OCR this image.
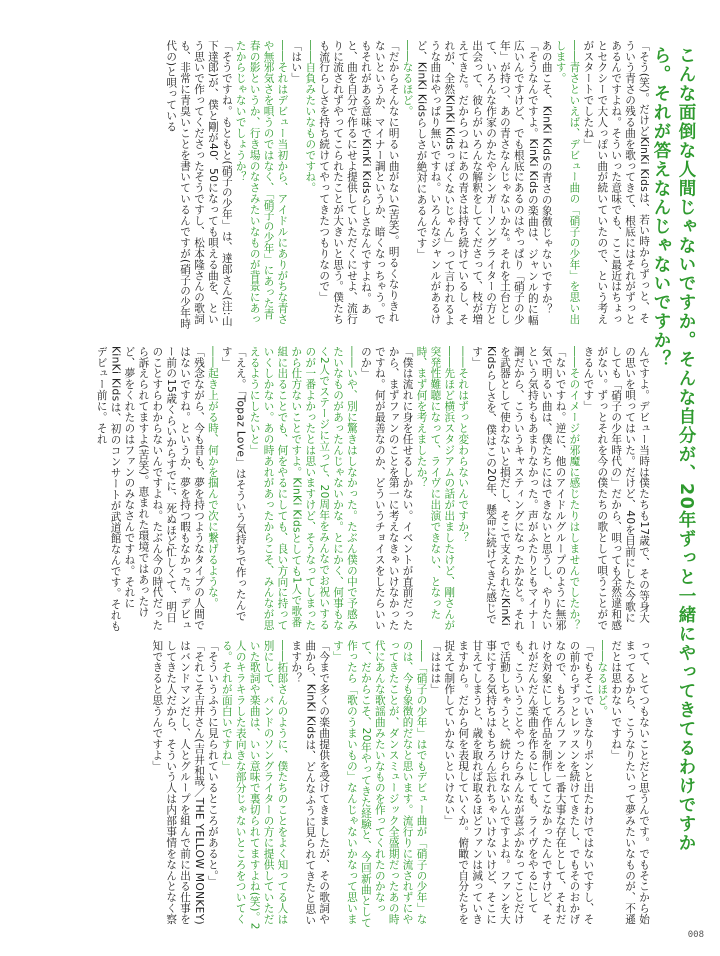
こんな面倒な人間じゃないですか。そんな自分が、20年ずっと一緒にやってきてるわけですから。それが答えなんじゃないですか？

「そう(笑)。だけどKinKi Kidsは、若い時からずっと、そういう青さの残る曲を歌ってきて、根底にはそれがずっとあるんですよね。そういった意味でも、ここ最近はちょっとセクシーで大人っぽい曲が続いていたので、という考えがスタートでしたね」

――青さといえば、デビュー曲の「硝子の少年」を思い出します。

あの曲こそ、KinKi Kidsの青さの象徴じゃないですか？「そうなんですよ。KinKi Kidsの楽曲は、ジャンル的に幅広いんですけど、でも根底にあるのはやっぱり「硝子の少年」が持つ、あの青さなんじゃないかな。それを土台として、いろんな作家のかたやシンガーソングライターの方と出会って、彼らがいろんな解釈をしてくださって、枝が増えてきた。だからつねにあの青さは持ち続けているし、それが、全然KinKi Kidsっぽくないじゃん」って言われるような曲はやっぱり無いですね。いろんなジャンルがあるけど、KinKi Kidsらしさが絶対にあるんです」

――なるほど。

「だからそんなに明るい曲がない(苦笑)。明るくなりきれないというか、マイナー調というか、暗くなっちゃう。でもそれがある意味でKinKi Kidsらしさなんですよね。あと、曲を自分で作るにせよ提供していただくにせよ、流行りに流されずやってこられたことが大きいと思う。僕たちも流行らしさを持ち続けてやってきたつもりなので」

――自負みたいなものですね。

「はい」

――それはデビュー当初から、アイドルにありがちな青さや無邪気さを唄うのではなく、「硝子の少年」にあった青春の影というか、行き場のなさみたいなものが背景にあったからじゃないでしょうか？

「そうですね。もともと(硝子の少年」は、達郎さん(注:山下達郎)が、僕と剛が40、50になっても唄える曲を、という思いで作ってくださったそうですし、松本隆さんの歌詞も、非常に青臭いことを書いているんですが(硝子の少年時代の)と唄っている

んですよ。デビュー当時は僕たちも17歳で、その等身大の思いを唄ってはいた。だけど、40を目前にした今歌にしても「硝子の少年時代の」だから、唄っても全然違和感がない。ずっとそれを今の僕たちの歌として唄うことができるんです」

――そのイメージが邪魔に感じたりはしませんでしたか？

「ないですね。逆に、他のアイドルグループのように無邪気で明るい曲は、僕たちにはできないと思うし、やりたいという気持ちもあまりなかった。声がふたりともマイナー調だから、こういうキャスティングになったかなと。それを武器として使わないと損だし、そこで支えられたKinKi Kidsらしさを、僕はこの20年、懸命に続けてきた感じです」

――それはずっと変わらないんですか？

――先ほど横浜スタジアムの話が出ましたけど、剛さんが突発性難聴になって、ライヴに出演できない、となった時、まず何を考えましたか？

「僕は流れに身を任せるしかない。イベントが直前だったから、まずファンのことを第一に考えなきゃいけなかったですね。何が最善なのか、どういうチョイスをしたらいいのか」

――いや、別に驚きはしなかった。たぶん僕の中で予感みたいなものがあったんじゃないかな。とにかく、何事もなく2人でステージに立って、20周年をみんなでお祝いするのが一番よかったとは思いますけど、そうなってしまったから仕方ないことですよ。KinKi Kidsとしても1人で歌番組に出ることでも、何をやるにしても、良い方向に持っていくしかない。あの時あれがあったからこそ、みんなが思えるようにしたいと」

「ええ。「Topaz Love」はそういう気持ちで作ったんです」

――起き上がる時、何かを掴んで次に繋げるような。

「残念ながら、今も昔も、夢を持つようなタイプの人間ではないですね。というか、夢を持つ暇もなかった。デビュー前の15歳くらいからすでに、死ぬほど忙しくて、明日のことすらわからないんですよね。たぶん今の時代だったら訴えられてますよ(苦笑)。恵まれた環境ではあったけど、夢をくれたのはファンのみなさんですね。それにKinKi Kidsは、初のコンサートが武道館なんです。それもデビュー前に。それ

って、とてつもないことだと思うんです。でもそこから始まってるから、こうなりたいって夢みたいなものが、不遜だとは思わないですね」

――なるほど。

「でもそこでいきなりポンと出たわけではないですし、その前からずっとレッスンを続けてきたし、でもそのおかげなので、もちろんファンを一番大事な存在として、それだけを対象にして作品を制作してこなかったんですけど、それがだんだん楽曲を作るにしても、ライヴをやるにしても、こういうことやったらみんなが喜ぶかなってことだけで活動しちゃうと、続けられないんですよね。ファンを大事にする気持ちはもちろん忘れちゃいけないけど、そこに甘えてしまうと、歳を取れば取るほどファンは減っていきますから。だから何を表現していくか。俯瞰で自分たちを捉えて制作していかないといけない」

「ははは」

――「硝子の少年」はでもデビュー曲が「硝子の少年」なのは、今も象徴的だなと思います。流行りに流されずにやってきたことが、ダンスミュージック全盛期だったあの時代にあんな歌謡曲みたいなものを作ってくれたのかなって、だからこそ、20年やってきた経験と、今回新曲として作ったら「歌のうまいもの」なんじゃないかなって思います」

「今まで多くの楽曲提供を受けてきましたが、その歌詞や曲から、KinKi Kidsは、どんなふうに見られてきたと思いますか？

――拓郎さんのように、僕たちのことをよく知ってる人は別にして、バンドのソングライターの方に提供していただいた歌詞や楽曲は、いい意味で裏切られてますよね(笑)。2人のキラキラした表向きな部分じゃないところをついてくる。それが面白いですね」

「そういうふうに見られているところがあると。」

「それこそ吉井さん(吉井和哉／THE YELLOW MONKEY)はバンドマンだし、人とグループを組んで前に出る仕事をしてきた人だから、そういう人は内部事情をなんとなく察知できると思うんですよ」

008
